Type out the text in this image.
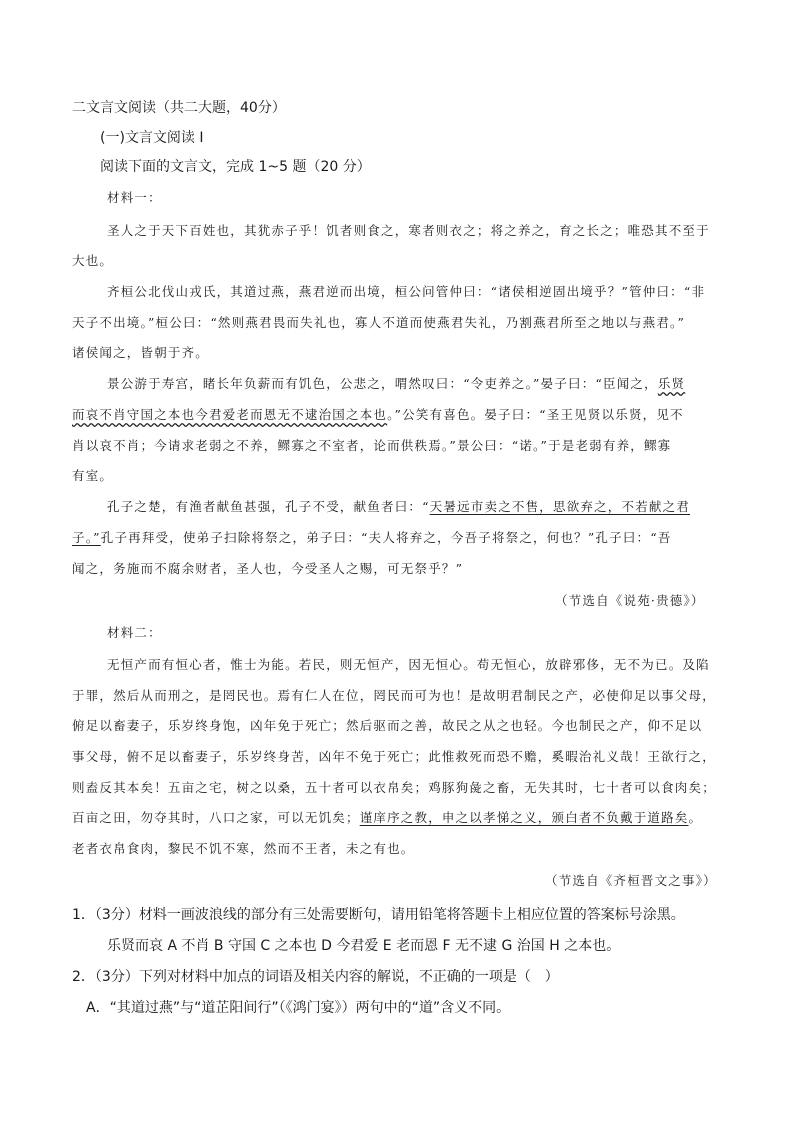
二文言文阅读（共二大题，40分）
(一)文言文阅读 I
阅读下面的文言文，完成 1~5 题（20 分）
材料一：
圣人之于天下百姓也，其犹赤子乎！饥者则食之，寒者则衣之；将之养之，育之长之；唯恐其不至于
大也。
齐桓公北伐山戎氏，其道过燕，燕君逆而出境，桓公问管仲曰：“诸侯相逆固出境乎？”管仲曰：“非
天子不出境。”桓公曰：“然则燕君畏而失礼也，寡人不道而使燕君失礼，乃割燕君所至之地以与燕君。”
诸侯闻之，皆朝于齐。
景公游于寿宫，睹长年负薪而有饥色，公悲之，喟然叹曰：“令吏养之。”晏子曰：“臣闻之，乐贤
而哀不肖守国之本也今君爱老而恩无不逮治国之本也。”公笑有喜色。晏子曰：“圣王见贤以乐贤，见不
肖以哀不肖；今请求老弱之不养，鳏寡之不室者，论而供秩焉。”景公曰：“诺。”于是老弱有养，鳏寡
有室。
孔子之楚，有渔者献鱼甚强，孔子不受，献鱼者曰：“天暑远市卖之不售，思欲弃之，不若献之君
子。”孔子再拜受，使弟子扫除将祭之，弟子曰：“夫人将弃之，今吾子将祭之，何也？”孔子曰：“吾
闻之，务施而不腐余财者，圣人也，今受圣人之赐，可无祭乎？”
（节选自《说苑·贵德》）
材料二：
无恒产而有恒心者，惟士为能。若民，则无恒产，因无恒心。苟无恒心，放辟邪侈，无不为已。及陷
于罪，然后从而刑之，是罔民也。焉有仁人在位，罔民而可为也！是故明君制民之产，必使仰足以事父母，
俯足以畜妻子，乐岁终身饱，凶年免于死亡；然后驱而之善，故民之从之也轻。今也制民之产，仰不足以
事父母，俯不足以畜妻子，乐岁终身苦，凶年不免于死亡；此惟救死而恐不赡，奚暇治礼义哉！王欲行之，
则盍反其本矣！五亩之宅，树之以桑，五十者可以衣帛矣；鸡豚狗彘之畜，无失其时，七十者可以食肉矣；
百亩之田，勿夺其时，八口之家，可以无饥矣；谨庠序之教，申之以孝悌之义，颁白者不负戴于道路矣。
老者衣帛食肉，黎民不饥不寒，然而不王者，未之有也。
（节选自《齐桓晋文之事》）
1．（3分）材料一画波浪线的部分有三处需要断句，请用铅笔将答题卡上相应位置的答案标号涂黑。
乐贤而哀 A 不肖 B 守国 C 之本也 D 今君爱 E 老而恩 F 无不逮 G 治国 H 之本也。
2．（3分）下列对材料中加点的词语及相关内容的解说，不正确的一项是（　）
A．“其道过燕”与“道芷阳间行”（《鸿门宴》）两句中的“道”含义不同。
